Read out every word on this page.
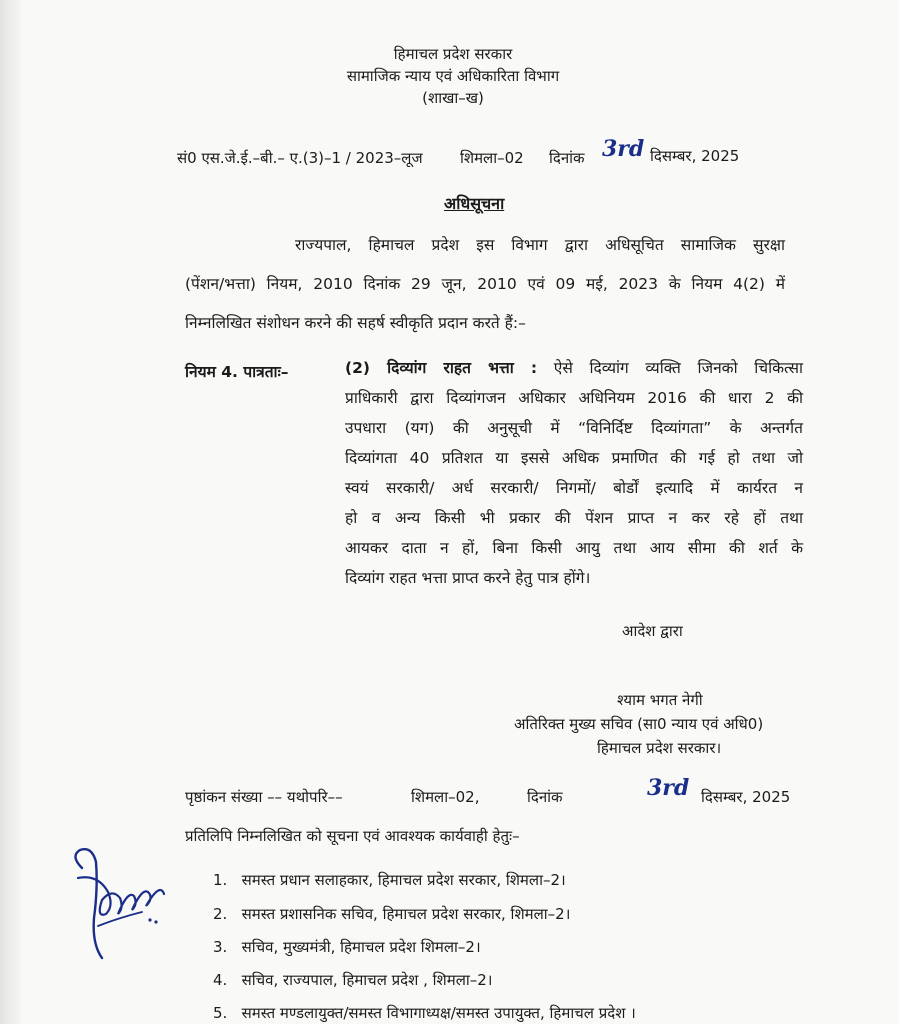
हिमाचल प्रदेश सरकार
सामाजिक न्याय एवं अधिकारिता विभाग
(शाखा–ख)
सं0 एस.जे.ई.–बी.– ए.(3)–1 / 2023–लूज शिमला–02 दिनांक 3rd दिसम्बर, 2025
अधिसूचना
राज्यपाल, हिमाचल प्रदेश इस विभाग द्वारा अधिसूचित सामाजिक सुरक्षा
(पेंशन/भत्ता) नियम, 2010 दिनांक 29 जून, 2010 एवं 09 मई, 2023 के नियम 4(2) में
निम्नलिखित संशोधन करने की सहर्ष स्वीकृति प्रदान करते हैं:–
नियम 4. पात्रताः–	(2) दिव्यांग राहत भत्ता : ऐसे दिव्यांग व्यक्ति जिनको चिकित्सा
प्राधिकारी द्वारा दिव्यांगजन अधिकार अधिनियम 2016 की धारा 2 की
उपधारा (यग) की अनुसूची में “विनिर्दिष्ट दिव्यांगता” के अन्तर्गत
दिव्यांगता 40 प्रतिशत या इससे अधिक प्रमाणित की गई हो तथा जो
स्वयं सरकारी/ अर्ध सरकारी/ निगमों/ बोर्डों इत्यादि में कार्यरत न
हो व अन्य किसी भी प्रकार की पेंशन प्राप्त न कर रहे हों तथा
आयकर दाता न हों, बिना किसी आयु तथा आय सीमा की शर्त के
दिव्यांग राहत भत्ता प्राप्त करने हेतु पात्र होंगे।
आदेश द्वारा
श्याम भगत नेगी
अतिरिक्त मुख्य सचिव (सा0 न्याय एवं अधि0)
हिमाचल प्रदेश सरकार।
पृष्ठांकन संख्या –– यथोपरि––	शिमला–02,	दिनांक	3rd दिसम्बर, 2025
प्रतिलिपि निम्नलिखित को सूचना एवं आवश्यक कार्यवाही हेतुः–
1. समस्त प्रधान सलाहकार, हिमाचल प्रदेश सरकार, शिमला–2।
2. समस्त प्रशासनिक सचिव, हिमाचल प्रदेश सरकार, शिमला–2।
3. सचिव, मुख्यमंत्री, हिमाचल प्रदेश शिमला–2।
4. सचिव, राज्यपाल, हिमाचल प्रदेश , शिमला–2।
5. समस्त मण्डलायुक्त/समस्त विभागाध्यक्ष/समस्त उपायुक्त, हिमाचल प्रदेश ।
